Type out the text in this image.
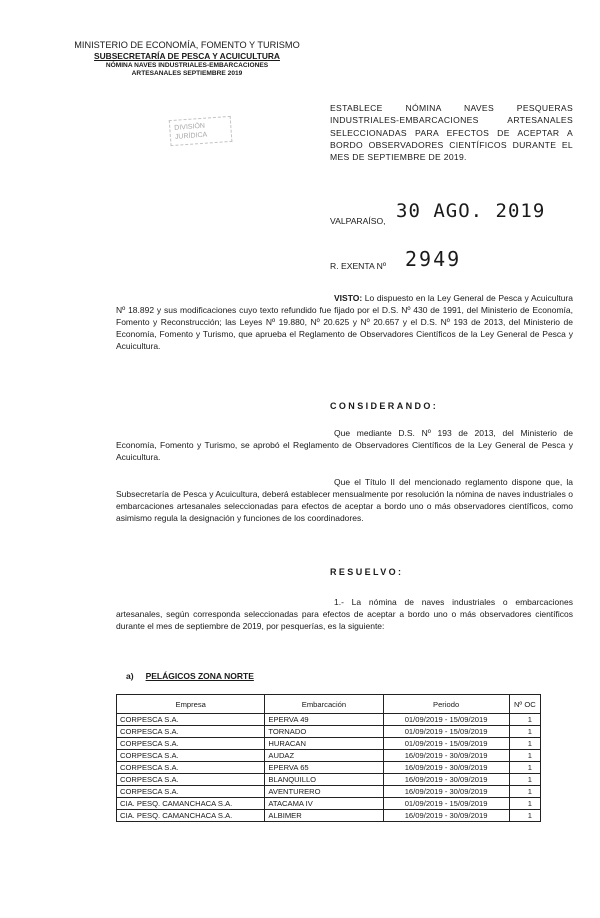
MINISTERIO DE ECONOMÍA, FOMENTO Y TURISMO
SUBSECRETARÍA DE PESCA Y ACUICULTURA
NÓMINA NAVES INDUSTRIALES-EMBARCACIONES
ARTESANALES SEPTIEMBRE 2019
DIVISIÓN
JURÍDICA
ESTABLECE NÓMINA NAVES PESQUERAS INDUSTRIALES-EMBARCACIONES ARTESANALES SELECCIONADAS PARA EFECTOS DE ACEPTAR A BORDO OBSERVADORES CIENTÍFICOS DURANTE EL MES DE SEPTIEMBRE DE 2019.
30 AGO. 2019
VALPARAÍSO,
2949
R. EXENTA Nº
VISTO: Lo dispuesto en la Ley General de Pesca y Acuicultura Nº 18.892 y sus modificaciones cuyo texto refundido fue fijado por el D.S. Nº 430 de 1991, del Ministerio de Economía, Fomento y Reconstrucción; las Leyes Nº 19.880, Nº 20.625 y Nº 20.657 y el D.S. Nº 193 de 2013, del Ministerio de Economía, Fomento y Turismo, que aprueba el Reglamento de Observadores Científicos de la Ley General de Pesca y Acuicultura.
CONSIDERANDO:
Que mediante D.S. Nº 193 de 2013, del Ministerio de Economía, Fomento y Turismo, se aprobó el Reglamento de Observadores Científicos de la Ley General de Pesca y Acuicultura.
Que el Título II del mencionado reglamento dispone que, la Subsecretaría de Pesca y Acuicultura, deberá establecer mensualmente por resolución la nómina de naves industriales o embarcaciones artesanales seleccionadas para efectos de aceptar a bordo uno o más observadores científicos, como asimismo regula la designación y funciones de los coordinadores.
RESUELVO:
1.- La nómina de naves industriales o embarcaciones artesanales, según corresponda seleccionadas para efectos de aceptar a bordo uno o más observadores científicos durante el mes de septiembre de 2019, por pesquerías, es la siguiente:
a) PELÁGICOS ZONA NORTE
Empresa	Embarcación	Periodo	Nº OC
CORPESCA S.A.	EPERVA 49	01/09/2019 - 15/09/2019	1
CORPESCA S.A.	TORNADO	01/09/2019 - 15/09/2019	1
CORPESCA S.A.	HURACAN	01/09/2019 - 15/09/2019	1
CORPESCA S.A.	AUDAZ	16/09/2019 - 30/09/2019	1
CORPESCA S.A.	EPERVA 65	16/09/2019 - 30/09/2019	1
CORPESCA S.A.	BLANQUILLO	16/09/2019 - 30/09/2019	1
CORPESCA S.A.	AVENTURERO	16/09/2019 - 30/09/2019	1
CIA. PESQ. CAMANCHACA S.A.	ATACAMA IV	01/09/2019 - 15/09/2019	1
CIA. PESQ. CAMANCHACA S.A.	ALBIMER	16/09/2019 - 30/09/2019	1
